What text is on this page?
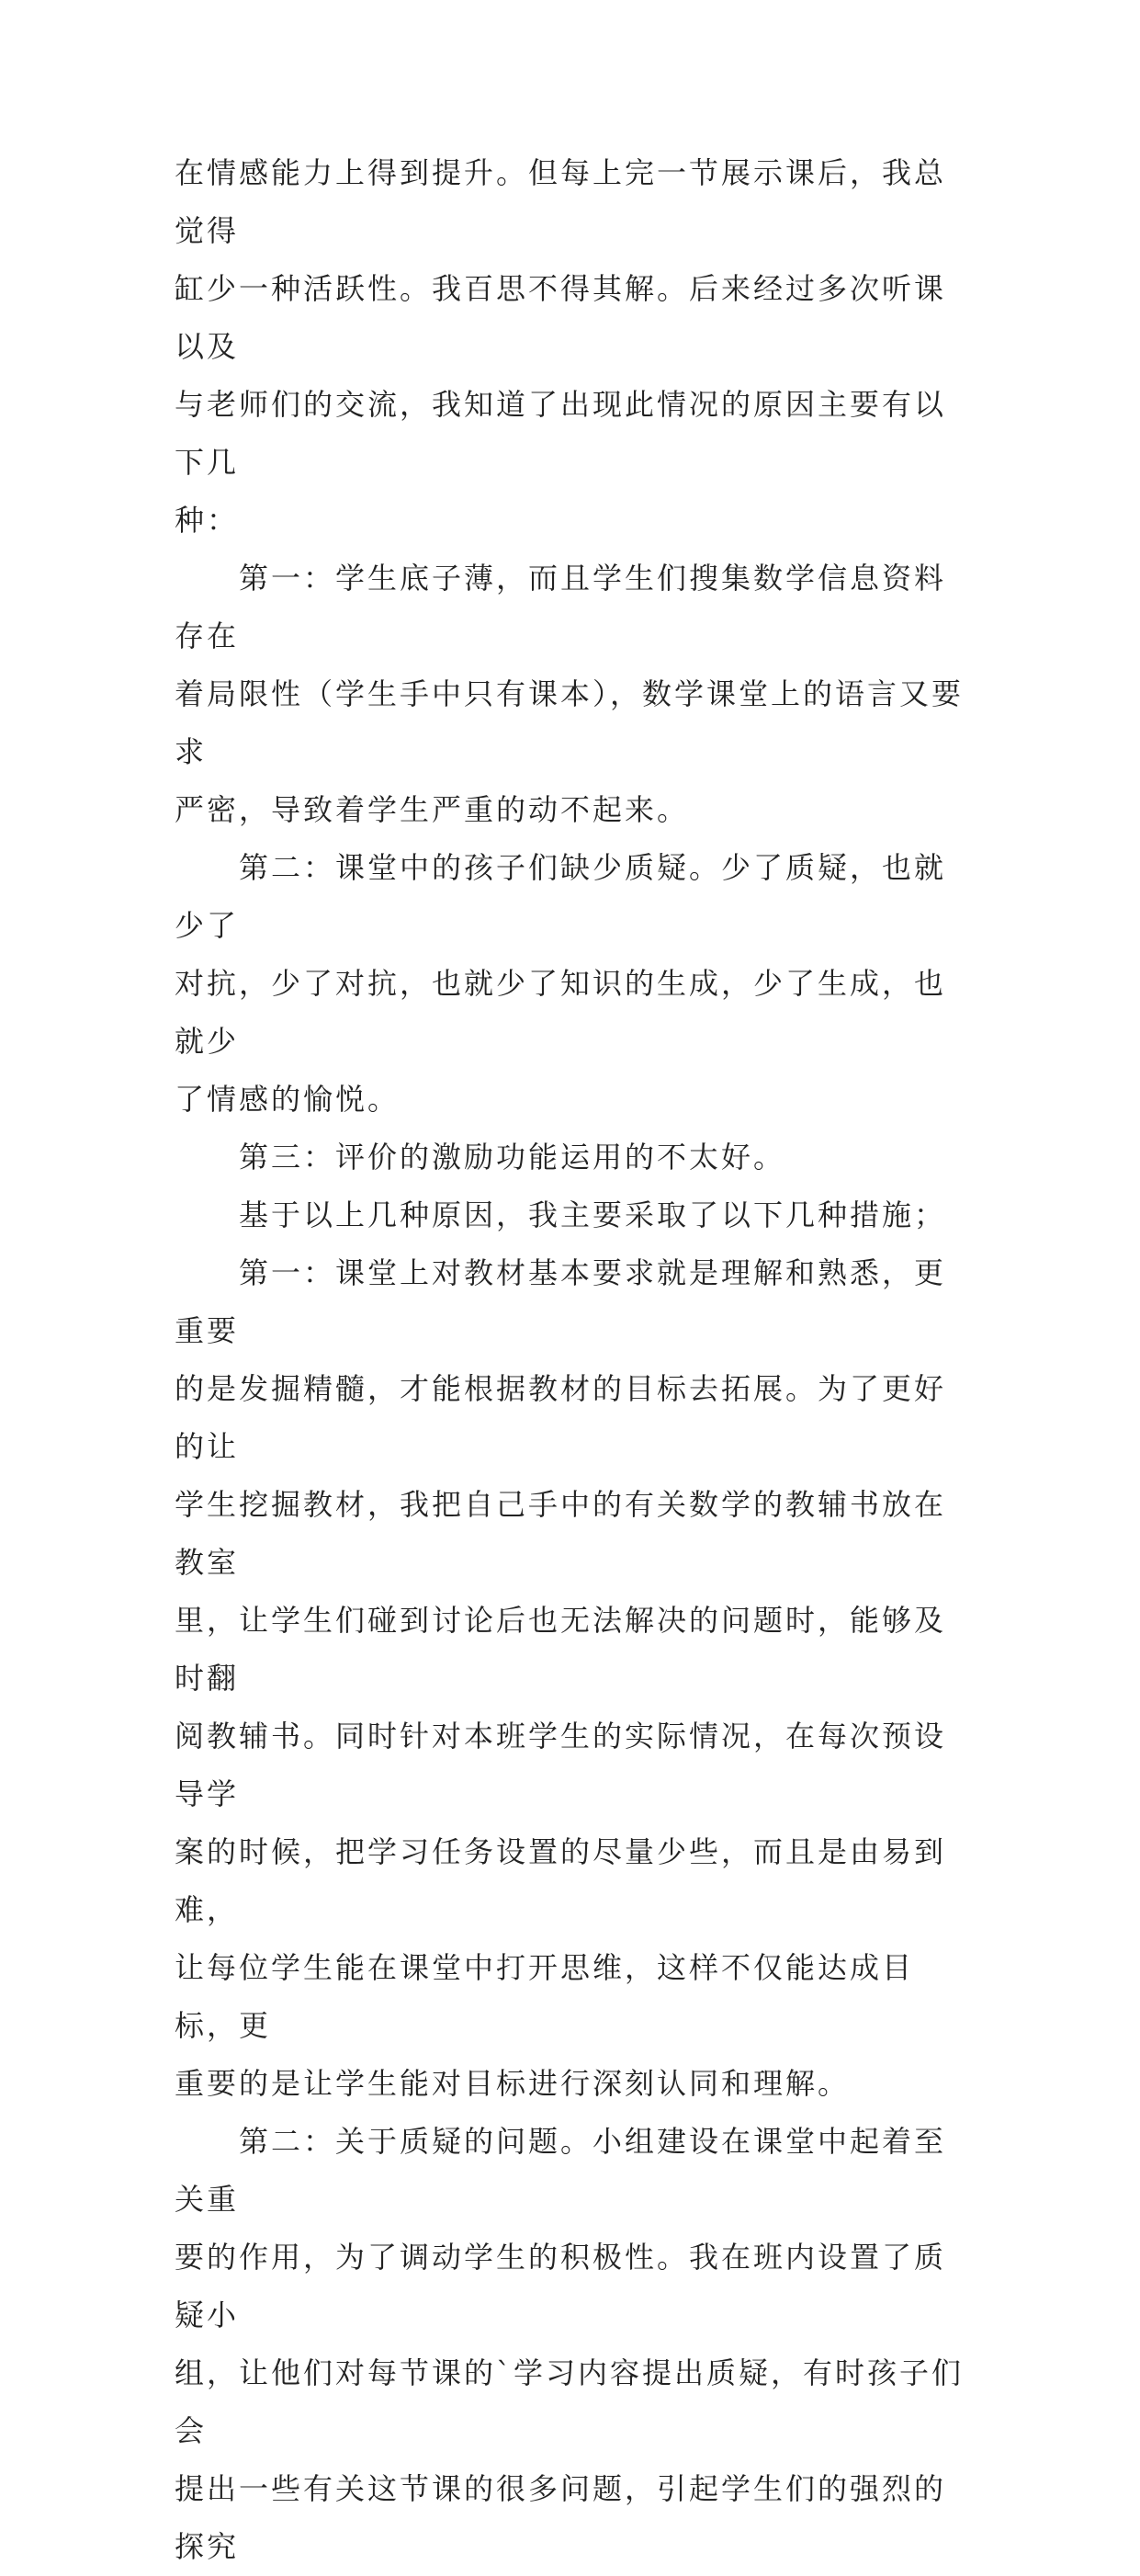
在情感能力上得到提升。但每上完一节展示课后，我总觉得

缸少一种活跃性。我百思不得其解。后来经过多次听课以及

与老师们的交流，我知道了出现此情况的原因主要有以下几

种：

　　第一：学生底子薄，而且学生们搜集数学信息资料存在

着局限性（学生手中只有课本），数学课堂上的语言又要求

严密，导致着学生严重的动不起来。

　　第二：课堂中的孩子们缺少质疑。少了质疑，也就少了

对抗，少了对抗，也就少了知识的生成，少了生成，也就少

了情感的愉悦。

　　第三：评价的激励功能运用的不太好。

　　基于以上几种原因，我主要采取了以下几种措施；

　　第一：课堂上对教材基本要求就是理解和熟悉，更重要

的是发掘精髓，才能根据教材的目标去拓展。为了更好的让

学生挖掘教材，我把自己手中的有关数学的教辅书放在教室

里，让学生们碰到讨论后也无法解决的问题时，能够及时翻

阅教辅书。同时针对本班学生的实际情况，在每次预设导学

案的时候，把学习任务设置的尽量少些，而且是由易到难，

让每位学生能在课堂中打开思维，这样不仅能达成目标，更

重要的是让学生能对目标进行深刻认同和理解。

　　第二：关于质疑的问题。小组建设在课堂中起着至关重

要的作用，为了调动学生的积极性。我在班内设置了质疑小

组，让他们对每节课的`学习内容提出质疑，有时孩子们会

提出一些有关这节课的很多问题，引起学生们的强烈的探究
